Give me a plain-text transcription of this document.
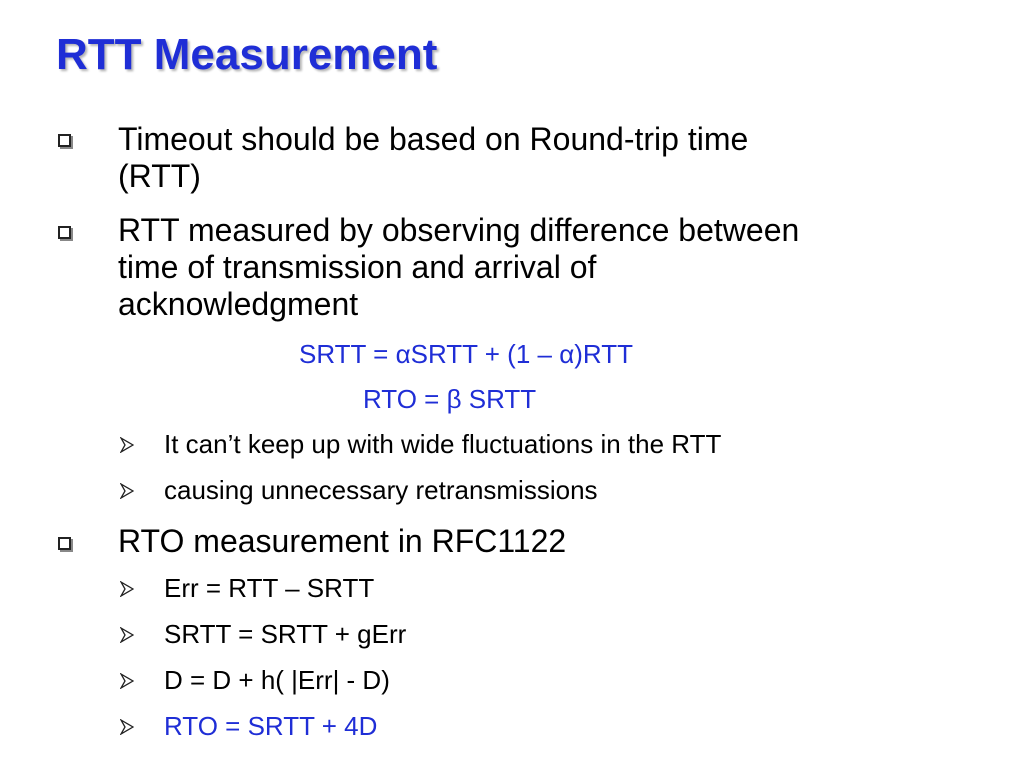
RTT Measurement
Timeout should be based on Round-trip time
(RTT)
RTT measured by observing difference between
time of transmission and arrival of
acknowledgment
SRTT = αSRTT + (1 – α)RTT
RTO = β SRTT
It can’t keep up with wide fluctuations in the RTT
causing unnecessary retransmissions
RTO measurement in RFC1122
Err = RTT – SRTT
SRTT = SRTT + gErr
D = D + h( |Err| - D)
RTO = SRTT + 4D
